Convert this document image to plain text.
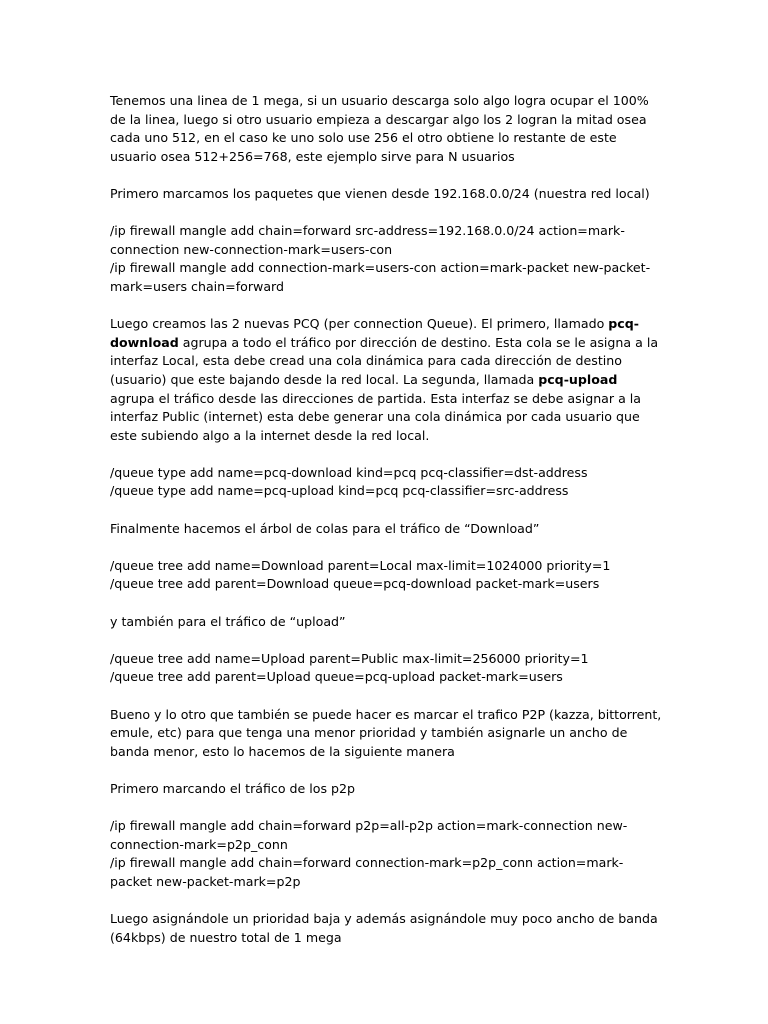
Tenemos una linea de 1 mega, si un usuario descarga solo algo logra ocupar el 100% de la linea, luego si otro usuario empieza a descargar algo los 2 logran la mitad osea cada uno 512, en el caso ke uno solo use 256 el otro obtiene lo restante de este usuario osea 512+256=768, este ejemplo sirve para N usuarios

Primero marcamos los paquetes que vienen desde 192.168.0.0/24 (nuestra red local)

/ip firewall mangle add chain=forward src-address=192.168.0.0/24 action=mark-connection new-connection-mark=users-con

/ip firewall mangle add connection-mark=users-con action=mark-packet new-packet-mark=users chain=forward

Luego creamos las 2 nuevas PCQ (per connection Queue). El primero, llamado pcq-download agrupa a todo el tráfico por dirección de destino. Esta cola se le asigna a la interfaz Local, esta debe cread una cola dinámica para cada dirección de destino (usuario) que este bajando desde la red local. La segunda, llamada pcq-upload agrupa el tráfico desde las direcciones de partida. Esta interfaz se debe asignar a la interfaz Public (internet) esta debe generar una cola dinámica por cada usuario que este subiendo algo a la internet desde la red local.

/queue type add name=pcq-download kind=pcq pcq-classifier=dst-address

/queue type add name=pcq-upload kind=pcq pcq-classifier=src-address

Finalmente hacemos el árbol de colas para el tráfico de “Download”

/queue tree add name=Download parent=Local max-limit=1024000 priority=1

/queue tree add parent=Download queue=pcq-download packet-mark=users

y también para el tráfico de “upload”

/queue tree add name=Upload parent=Public max-limit=256000 priority=1

/queue tree add parent=Upload queue=pcq-upload packet-mark=users

Bueno y lo otro que también se puede hacer es marcar el trafico P2P (kazza, bittorrent, emule, etc) para que tenga una menor prioridad y también asignarle un ancho de banda menor, esto lo hacemos de la siguiente manera

Primero marcando el tráfico de los p2p

/ip firewall mangle add chain=forward p2p=all-p2p action=mark-connection new-connection-mark=p2p_conn

/ip firewall mangle add chain=forward connection-mark=p2p_conn action=mark-packet new-packet-mark=p2p

Luego asignándole un prioridad baja y además asignándole muy poco ancho de banda (64kbps) de nuestro total de 1 mega
